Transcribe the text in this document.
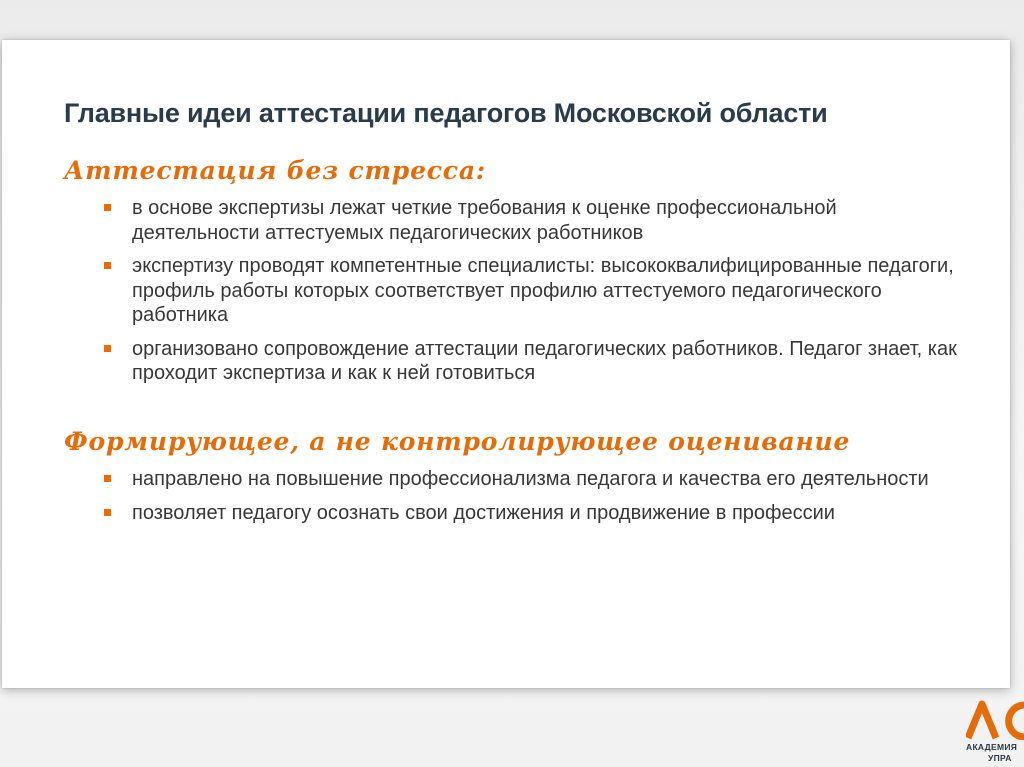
Главные идеи аттестации педагогов Московской области
Аттестация без стресса:
в основе экспертизы лежат четкие требования к оценке профессиональной деятельности аттестуемых педагогических работников
экспертизу проводят компетентные специалисты: высококвалифицированные педагоги, профиль работы которых соответствует профилю аттестуемого педагогического работника
организовано сопровождение аттестации педагогических работников. Педагог знает, как проходит экспертиза и как к ней готовиться
Формирующее, а не контролирующее оценивание
направлено на повышение профессионализма педагога и качества его деятельности
позволяет педагогу осознать свои достижения и продвижение в профессии
АКАДЕМИЯ
УПРА
